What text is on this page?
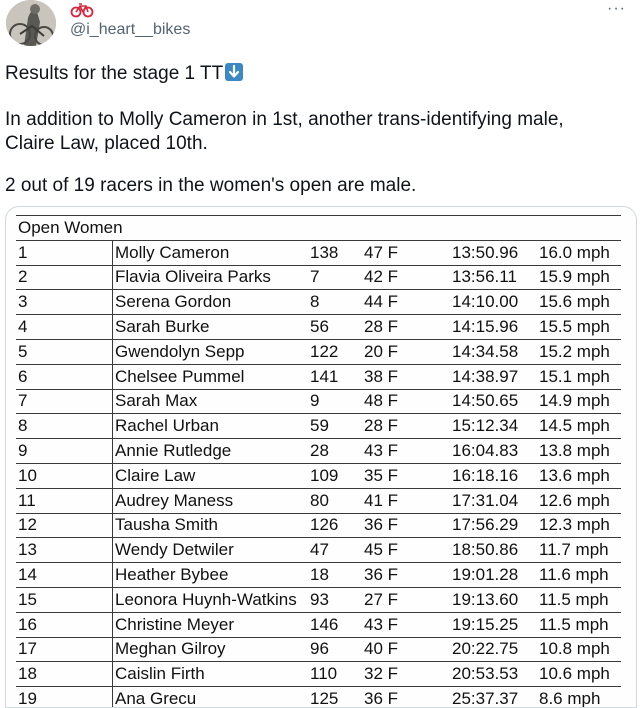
@i_heart__bikes
···

Results for the stage 1 TT

In addition to Molly Cameron in 1st, another trans-identifying male, Claire Law, placed 10th.

2 out of 19 racers in the women's open are male.

Open Women					
1	Molly Cameron	138	47 F	13:50.96	16.0 mph
2	Flavia Oliveira Parks	7	42 F	13:56.11	15.9 mph
3	Serena Gordon	8	44 F	14:10.00	15.6 mph
4	Sarah Burke	56	28 F	14:15.96	15.5 mph
5	Gwendolyn Sepp	122	20 F	14:34.58	15.2 mph
6	Chelsee Pummel	141	38 F	14:38.97	15.1 mph
7	Sarah Max	9	48 F	14:50.65	14.9 mph
8	Rachel Urban	59	28 F	15:12.34	14.5 mph
9	Annie Rutledge	28	43 F	16:04.83	13.8 mph
10	Claire Law	109	35 F	16:18.16	13.6 mph
11	Audrey Maness	80	41 F	17:31.04	12.6 mph
12	Tausha Smith	126	36 F	17:56.29	12.3 mph
13	Wendy Detwiler	47	45 F	18:50.86	11.7 mph
14	Heather Bybee	18	36 F	19:01.28	11.6 mph
15	Leonora Huynh-Watkins	93	27 F	19:13.60	11.5 mph
16	Christine Meyer	146	43 F	19:15.25	11.5 mph
17	Meghan Gilroy	96	40 F	20:22.75	10.8 mph
18	Caislin Firth	110	32 F	20:53.53	10.6 mph
19	Ana Grecu	125	36 F	25:37.37	8.6 mph
